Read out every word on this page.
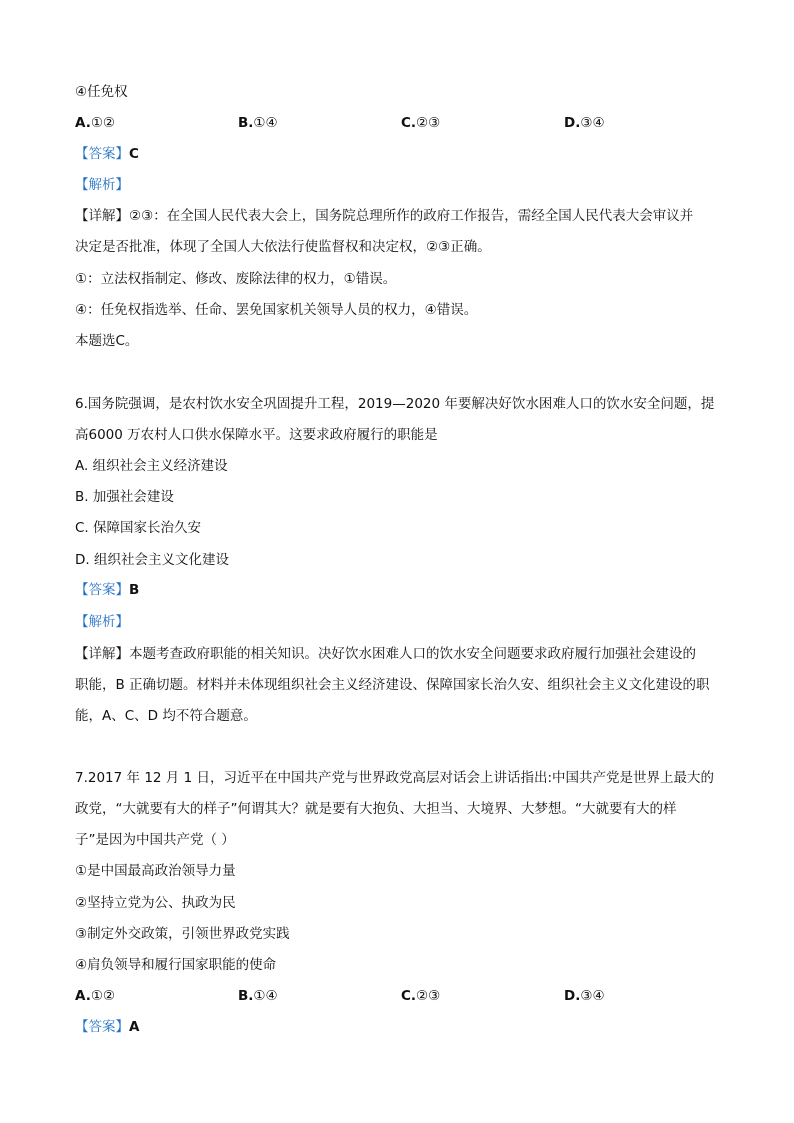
④任免权
A.①②	B.①④	C.②③	D.③④
【答案】C
【解析】
【详解】②③：在全国人民代表大会上，国务院总理所作的政府工作报告，需经全国人民代表大会审议并
决定是否批准，体现了全国人大依法行使监督权和决定权，②③正确。
①：立法权指制定、修改、废除法律的权力，①错误。
④：任免权指选举、任命、罢免国家机关领导人员的权力，④错误。
本题选C。
6.国务院强调，是农村饮水安全巩固提升工程，2019—2020 年要解决好饮水困难人口的饮水安全问题，提
高6000 万农村人口供水保障水平。这要求政府履行的职能是
A. 组织社会主义经济建设
B. 加强社会建设
C. 保障国家长治久安
D. 组织社会主义文化建设
【答案】B
【解析】
【详解】本题考查政府职能的相关知识。决好饮水困难人口的饮水安全问题要求政府履行加强社会建设的
职能，B 正确切题。材料并未体现组织社会主义经济建设、保障国家长治久安、组织社会主义文化建设的职
能，A、C、D 均不符合题意。
7.2017 年 12 月 1 日，习近平在中国共产党与世界政党高层对话会上讲话指出:中国共产党是世界上最大的
政党，“大就要有大的样子”何谓其大？就是要有大抱负、大担当、大境界、大梦想。“大就要有大的样
子”是因为中国共产党（ ）
①是中国最高政治领导力量
②坚持立党为公、执政为民
③制定外交政策，引领世界政党实践
④肩负领导和履行国家职能的使命
A.①②	B.①④	C.②③	D.③④
【答案】A
